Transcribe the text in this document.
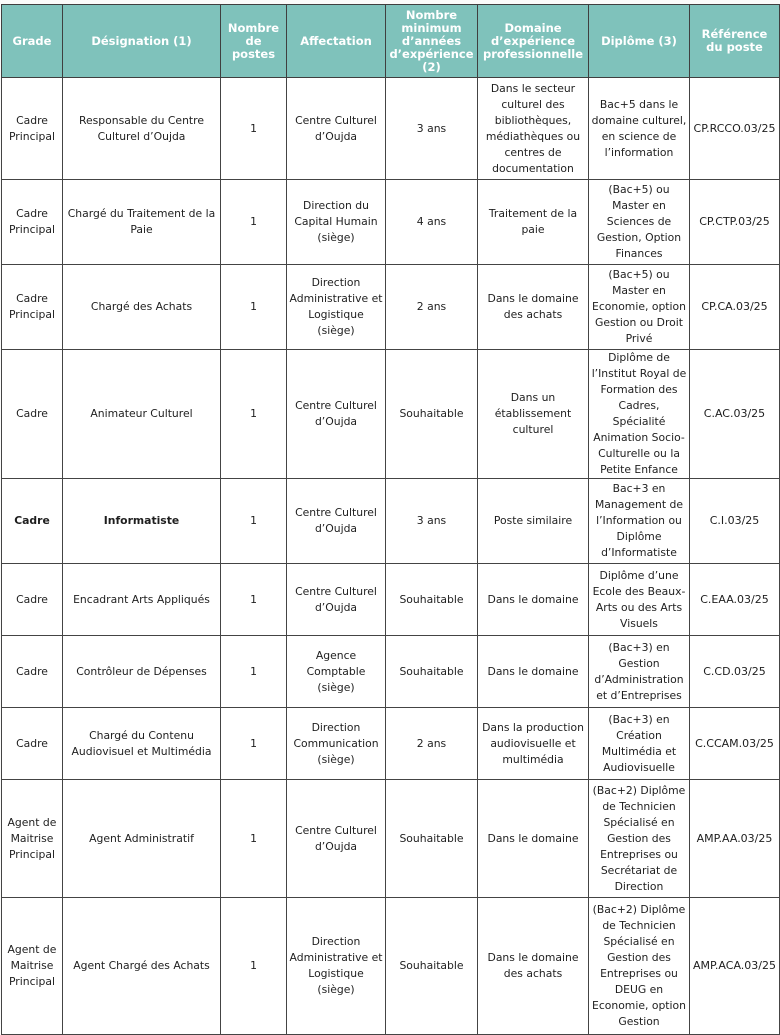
Grade	Désignation (1)	Nombre de postes	Affectation	Nombre minimum d’années d’expérience (2)	Domaine d’expérience professionnelle	Diplôme (3)	Référence du poste
Cadre Principal	Responsable du Centre Culturel d’Oujda	1	Centre Culturel d’Oujda	3 ans	Dans le secteur culturel des bibliothèques, médiathèques ou centres de documentation	Bac+5 dans le domaine culturel, en science de l’information	CP.RCCO.03/25
Cadre Principal	Chargé du Traitement de la Paie	1	Direction du Capital Humain (siège)	4 ans	Traitement de la paie	(Bac+5) ou Master en Sciences de Gestion, Option Finances	CP.CTP.03/25
Cadre Principal	Chargé des Achats	1	Direction Administrative et Logistique (siège)	2 ans	Dans le domaine des achats	(Bac+5) ou Master en Economie, option Gestion ou Droit Privé	CP.CA.03/25
Cadre	Animateur Culturel	1	Centre Culturel d’Oujda	Souhaitable	Dans un établissement culturel	Diplôme de l’Institut Royal de Formation des Cadres, Spécialité Animation Socio-Culturelle ou la Petite Enfance	C.AC.03/25
Cadre	Informatiste	1	Centre Culturel d’Oujda	3 ans	Poste similaire	Bac+3 en Management de l’Information ou Diplôme d’Informatiste	C.I.03/25
Cadre	Encadrant Arts Appliqués	1	Centre Culturel d’Oujda	Souhaitable	Dans le domaine	Diplôme d’une Ecole des Beaux-Arts ou des Arts Visuels	C.EAA.03/25
Cadre	Contrôleur de Dépenses	1	Agence Comptable (siège)	Souhaitable	Dans le domaine	(Bac+3) en Gestion d’Administration et d’Entreprises	C.CD.03/25
Cadre	Chargé du Contenu Audiovisuel et Multimédia	1	Direction Communication (siège)	2 ans	Dans la production audiovisuelle et multimédia	(Bac+3) en Création Multimédia et Audiovisuelle	C.CCAM.03/25
Agent de Maitrise Principal	Agent Administratif	1	Centre Culturel d’Oujda	Souhaitable	Dans le domaine	(Bac+2) Diplôme de Technicien Spécialisé en Gestion des Entreprises ou Secrétariat de Direction	AMP.AA.03/25
Agent de Maitrise Principal	Agent Chargé des Achats	1	Direction Administrative et Logistique (siège)	Souhaitable	Dans le domaine des achats	(Bac+2) Diplôme de Technicien Spécialisé en Gestion des Entreprises ou DEUG en Economie, option Gestion	AMP.ACA.03/25
